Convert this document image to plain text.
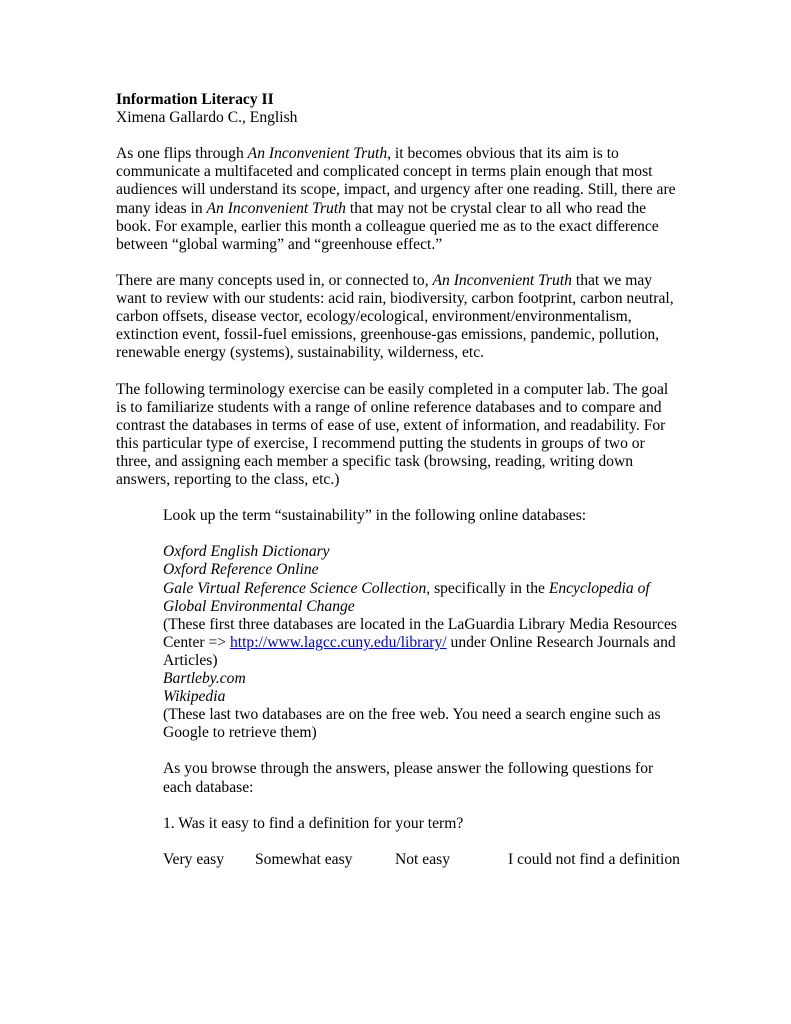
Information Literacy II
Ximena Gallardo C., English

As one flips through An Inconvenient Truth, it becomes obvious that its aim is to communicate a multifaceted and complicated concept in terms plain enough that most audiences will understand its scope, impact, and urgency after one reading. Still, there are many ideas in An Inconvenient Truth that may not be crystal clear to all who read the book. For example, earlier this month a colleague queried me as to the exact difference between “global warming” and “greenhouse effect.”

There are many concepts used in, or connected to, An Inconvenient Truth that we may want to review with our students: acid rain, biodiversity, carbon footprint, carbon neutral, carbon offsets, disease vector, ecology/ecological, environment/environmentalism, extinction event, fossil-fuel emissions, greenhouse-gas emissions, pandemic, pollution, renewable energy (systems), sustainability, wilderness, etc.

The following terminology exercise can be easily completed in a computer lab. The goal is to familiarize students with a range of online reference databases and to compare and contrast the databases in terms of ease of use, extent of information, and readability. For this particular type of exercise, I recommend putting the students in groups of two or three, and assigning each member a specific task (browsing, reading, writing down answers, reporting to the class, etc.)

Look up the term “sustainability” in the following online databases:
Oxford English Dictionary
Oxford Reference Online
Gale Virtual Reference Science Collection, specifically in the Encyclopedia of Global Environmental Change
(These first three databases are located in the LaGuardia Library Media Resources Center => http://www.lagcc.cuny.edu/library/ under Online Research Journals and Articles)
Bartleby.com
Wikipedia
(These last two databases are on the free web. You need a search engine such as Google to retrieve them)
As you browse through the answers, please answer the following questions for each database:
1. Was it easy to find a definition for your term?
Very easy Somewhat easy	Not easy	I could not find a definition
